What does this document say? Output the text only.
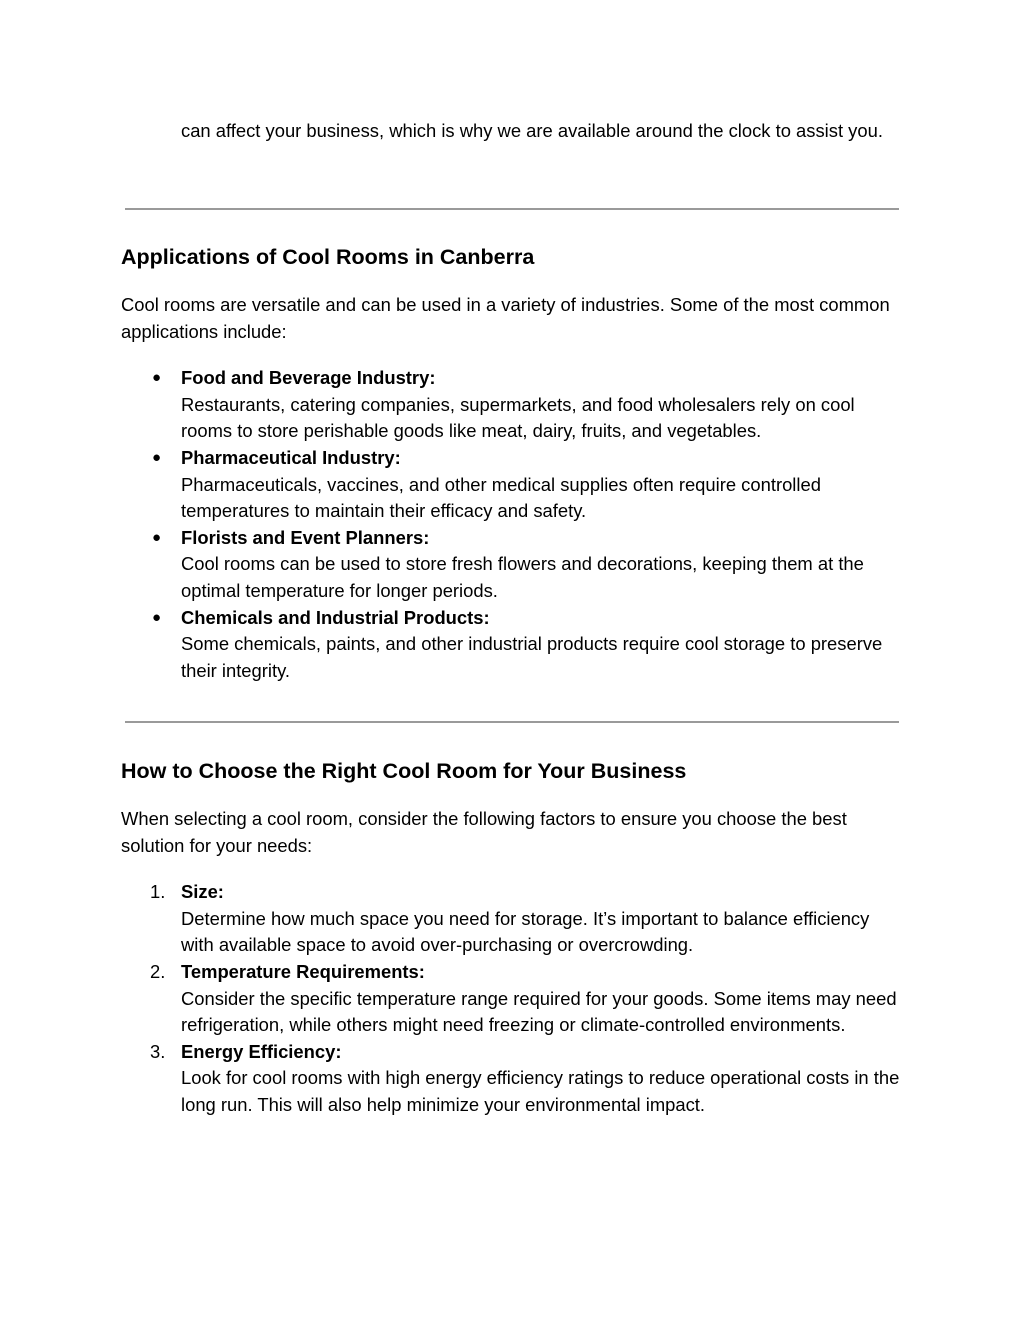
can affect your business, which is why we are available around the clock to assist you.

Applications of Cool Rooms in Canberra

Cool rooms are versatile and can be used in a variety of industries. Some of the most common applications include:

●	Food and Beverage Industry:
Restaurants, catering companies, supermarkets, and food wholesalers rely on cool rooms to store perishable goods like meat, dairy, fruits, and vegetables.
●	Pharmaceutical Industry:
Pharmaceuticals, vaccines, and other medical supplies often require controlled temperatures to maintain their efficacy and safety.
●	Florists and Event Planners:
Cool rooms can be used to store fresh flowers and decorations, keeping them at the optimal temperature for longer periods.
●	Chemicals and Industrial Products:
Some chemicals, paints, and other industrial products require cool storage to preserve their integrity.
How to Choose the Right Cool Room for Your Business

When selecting a cool room, consider the following factors to ensure you choose the best solution for your needs:

1. Size:
Determine how much space you need for storage. It’s important to balance efficiency with available space to avoid over-purchasing or overcrowding.
2. Temperature Requirements:
Consider the specific temperature range required for your goods. Some items may need refrigeration, while others might need freezing or climate-controlled environments.
3. Energy Efficiency:
Look for cool rooms with high energy efficiency ratings to reduce operational costs in the long run. This will also help minimize your environmental impact.
